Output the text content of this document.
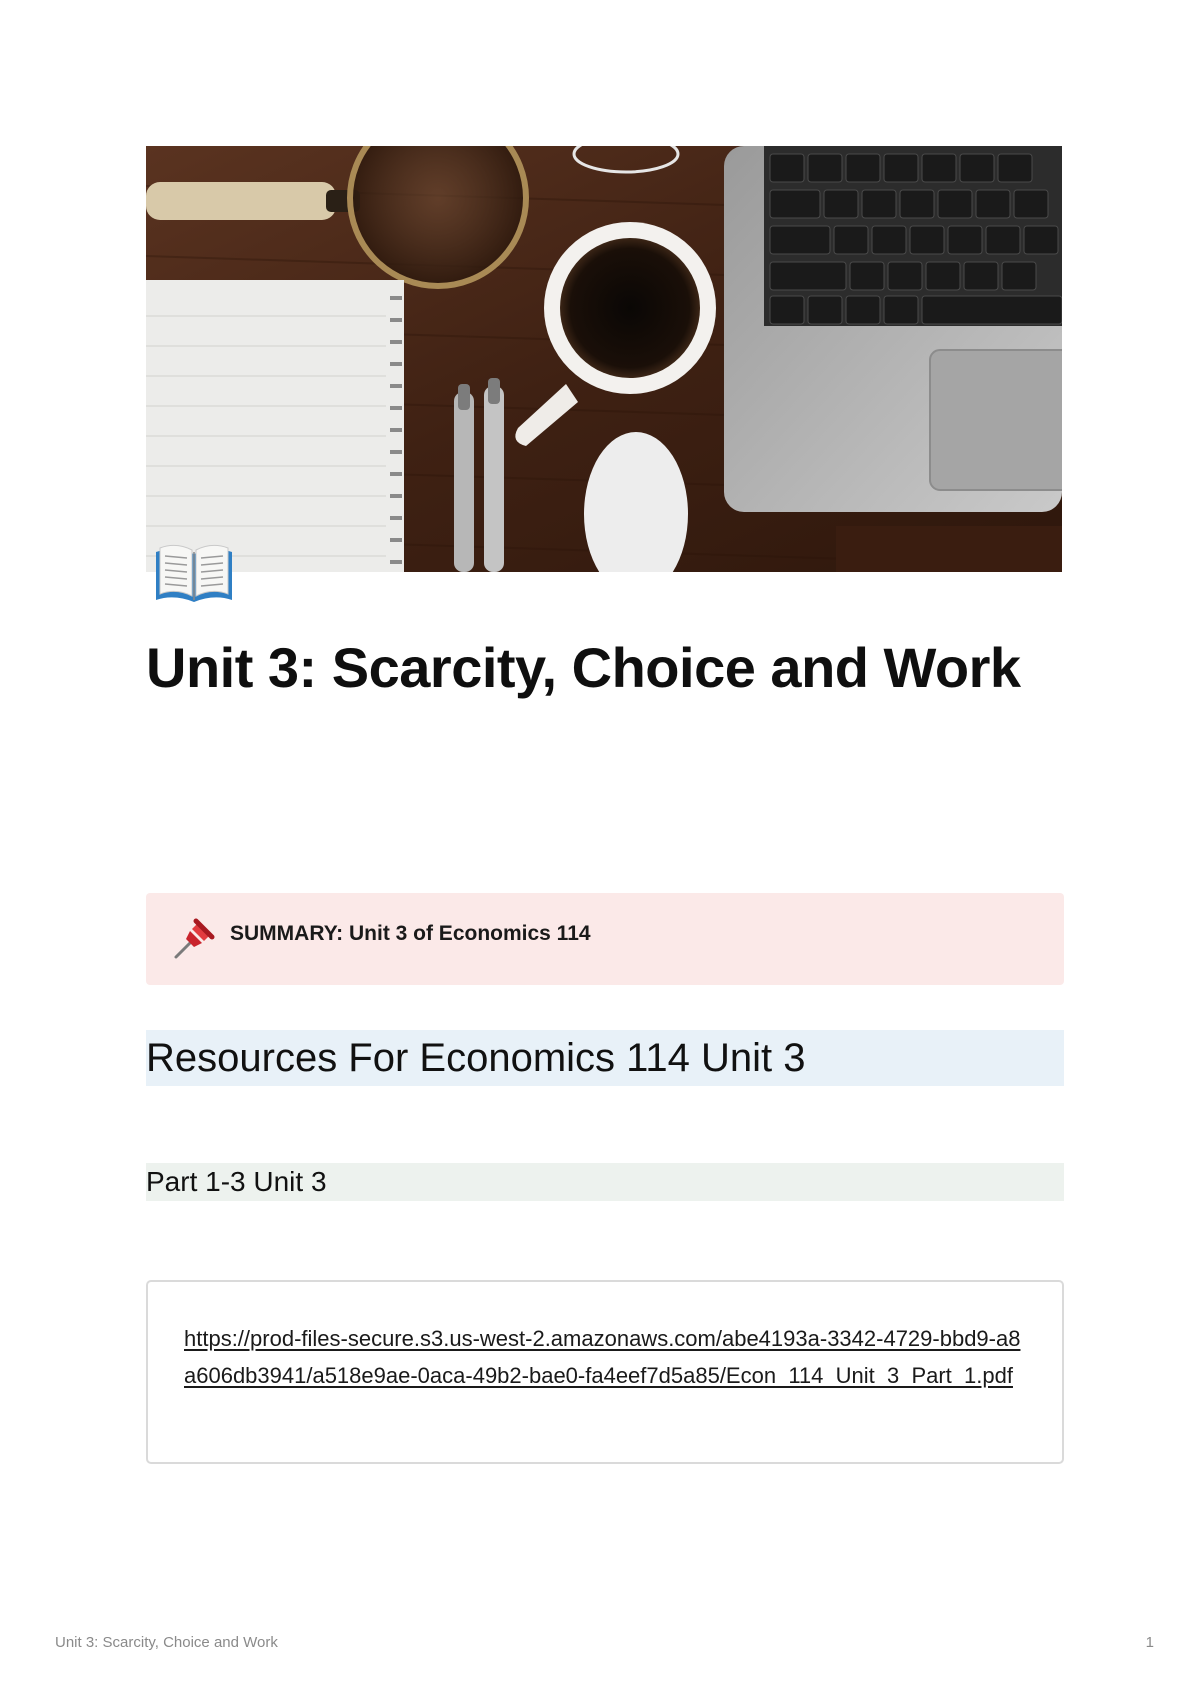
Unit 3: Scarcity, Choice and Work
SUMMARY: Unit 3 of Economics 114
Resources For Economics 114 Unit 3
Part 1-3 Unit 3
https://prod-files-secure.s3.us-west-2.amazonaws.com/abe4193a-3342-4729-bbd9-a8a606db3941/a518e9ae-0aca-49b2-bae0-fa4eef7d5a85/Econ_114_Unit_3_Part_1.pdf
Unit 3: Scarcity, Choice and Work	1
